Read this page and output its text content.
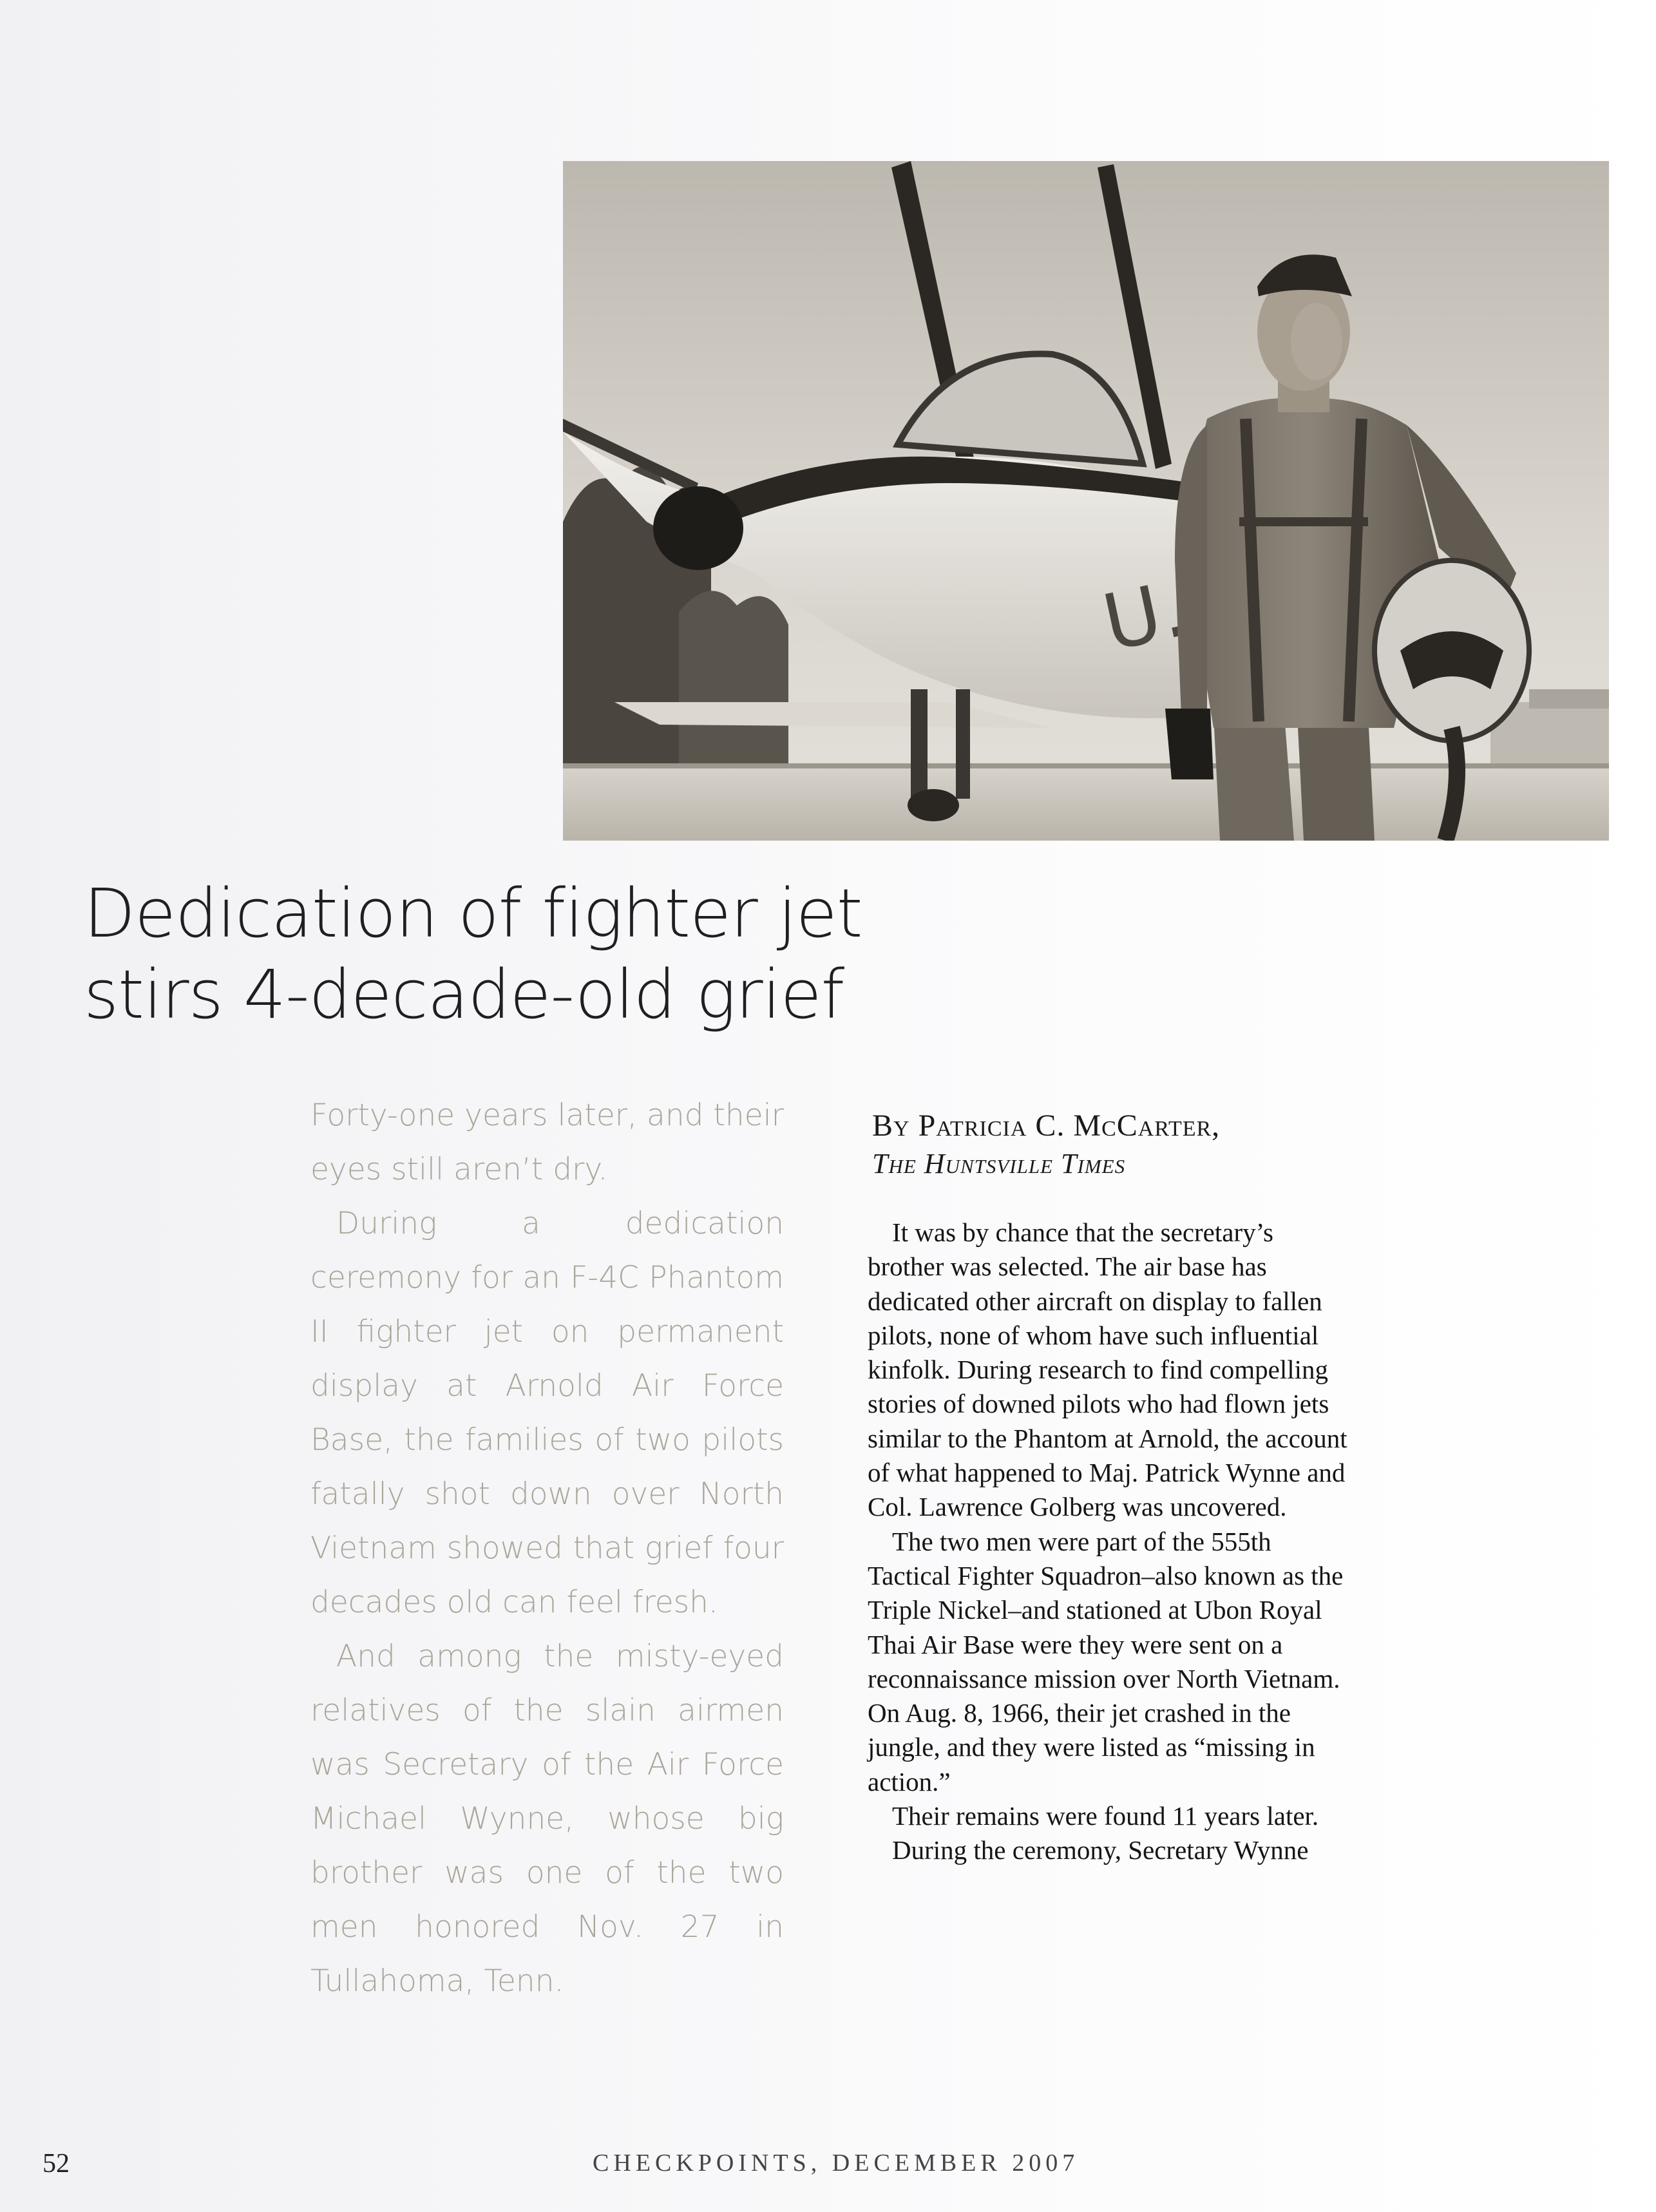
Dedication of fighter jet
stirs 4-decade-old grief

Forty-one years later, and their eyes still aren’t dry.

During a dedication ceremony for an F-4C Phantom II fighter jet on permanent display at Arnold Air Force Base, the families of two pilots fatally shot down over North Vietnam showed that grief four decades old can feel fresh.

And among the misty-eyed relatives of the slain airmen was Secretary of the Air Force Michael Wynne, whose big brother was one of the two men honored Nov. 27 in Tullahoma, Tenn.

By Patricia C. McCarter,
The Huntsville Times

It was by chance that the secretary’s brother was selected. The air base has dedicated other aircraft on display to fallen pilots, none of whom have such influential kinfolk. During research to find compelling stories of downed pilots who had flown jets similar to the Phantom at Arnold, the account of what happened to Maj. Patrick Wynne and Col. Lawrence Golberg was uncovered.

The two men were part of the 555th Tactical Fighter Squadron–also known as the Triple Nickel–and stationed at Ubon Royal Thai Air Base were they were sent on a reconnaissance mission over North Vietnam. On Aug. 8, 1966, their jet crashed in the jungle, and they were listed as “missing in action.”

Their remains were found 11 years later.

During the ceremony, Secretary Wynne

52	CHECKPOINTS, DECEMBER 2007
